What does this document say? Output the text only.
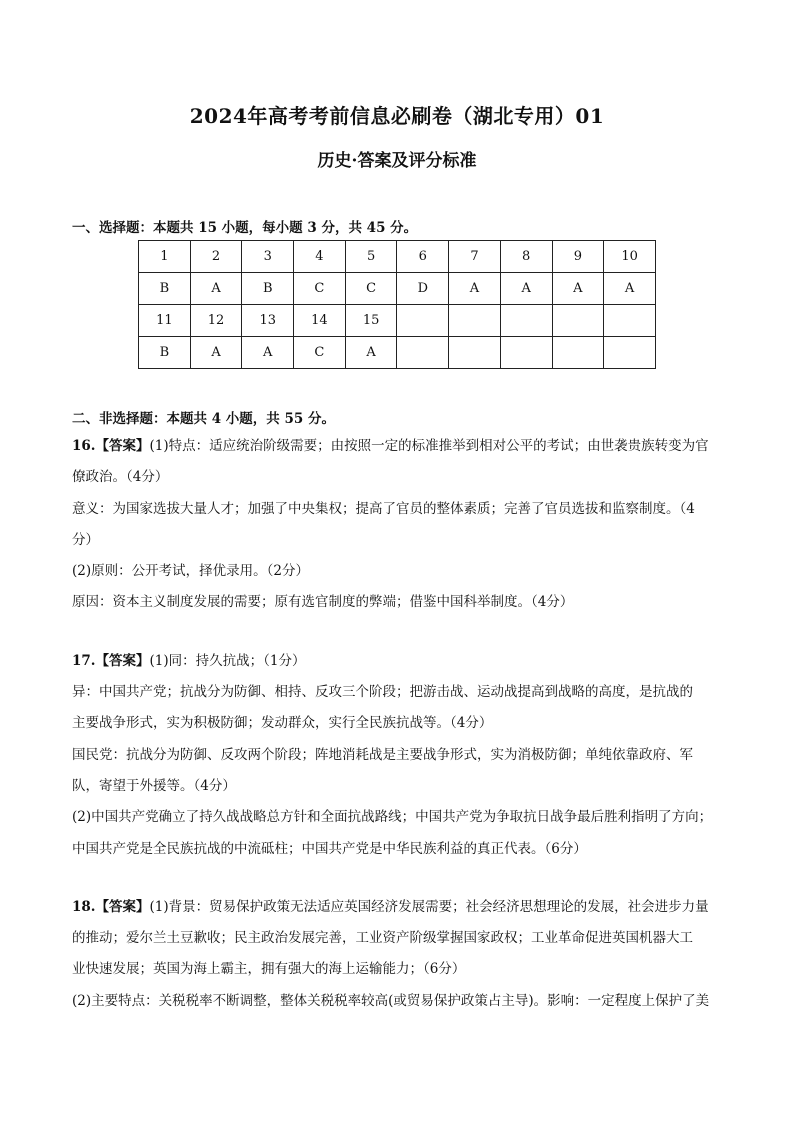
2024年高考考前信息必刷卷（湖北专用）01
历史·答案及评分标准
一、选择题：本题共 15 小题，每小题 3 分，共 45 分。
1	2	3	4	5	6	7	8	9	10
B	A	B	C	C	D	A	A	A	A
11	12	13	14	15					
B	A	A	C	A					
二、非选择题：本题共 4 小题，共 55 分。

16.【答案】(1)特点：适应统治阶级需要；由按照一定的标准推举到相对公平的考试；由世袭贵族转变为官

僚政治。（4分）

意义：为国家选拔大量人才；加强了中央集权；提高了官员的整体素质；完善了官员选拔和监察制度。（4

分）

(2)原则：公开考试，择优录用。（2分）

原因：资本主义制度发展的需要；原有选官制度的弊端；借鉴中国科举制度。（4分）

17.【答案】(1)同：持久抗战；（1分）

异：中国共产党；抗战分为防御、相持、反攻三个阶段；把游击战、运动战提高到战略的高度，是抗战的

主要战争形式，实为积极防御；发动群众，实行全民族抗战等。（4分）

国民党：抗战分为防御、反攻两个阶段；阵地消耗战是主要战争形式，实为消极防御；单纯依靠政府、军

队，寄望于外援等。（4分）

(2)中国共产党确立了持久战战略总方针和全面抗战路线；中国共产党为争取抗日战争最后胜利指明了方向；

中国共产党是全民族抗战的中流砥柱；中国共产党是中华民族利益的真正代表。（6分）

18.【答案】(1)背景：贸易保护政策无法适应英国经济发展需要；社会经济思想理论的发展，社会进步力量

的推动；爱尔兰土豆歉收；民主政治发展完善，工业资产阶级掌握国家政权；工业革命促进英国机器大工

业快速发展；英国为海上霸主，拥有强大的海上运输能力；（6分）

(2)主要特点：关税税率不断调整，整体关税税率较高(或贸易保护政策占主导)。影响：一定程度上保护了美
